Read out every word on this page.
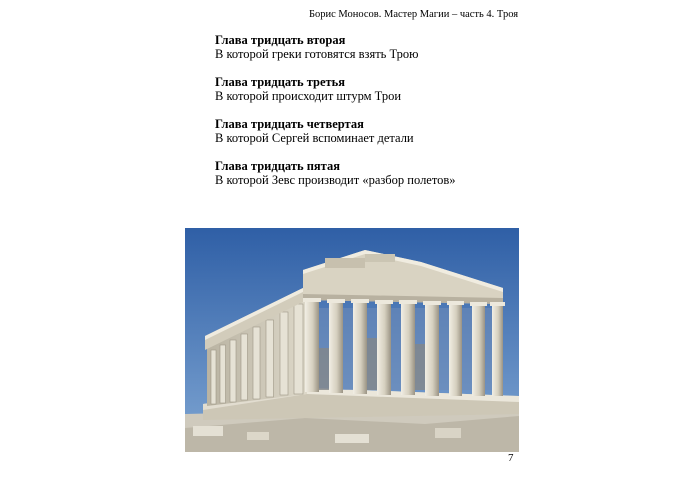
Борис Моносов. Мастер Магии – часть 4. Троя
Глава тридцать вторая
В которой греки готовятся взять Трою
Глава тридцать третья
В которой происходит штурм Трои
Глава тридцать четвертая
В которой Сергей вспоминает детали
Глава тридцать пятая
В которой Зевс производит «разбор полетов»
7
